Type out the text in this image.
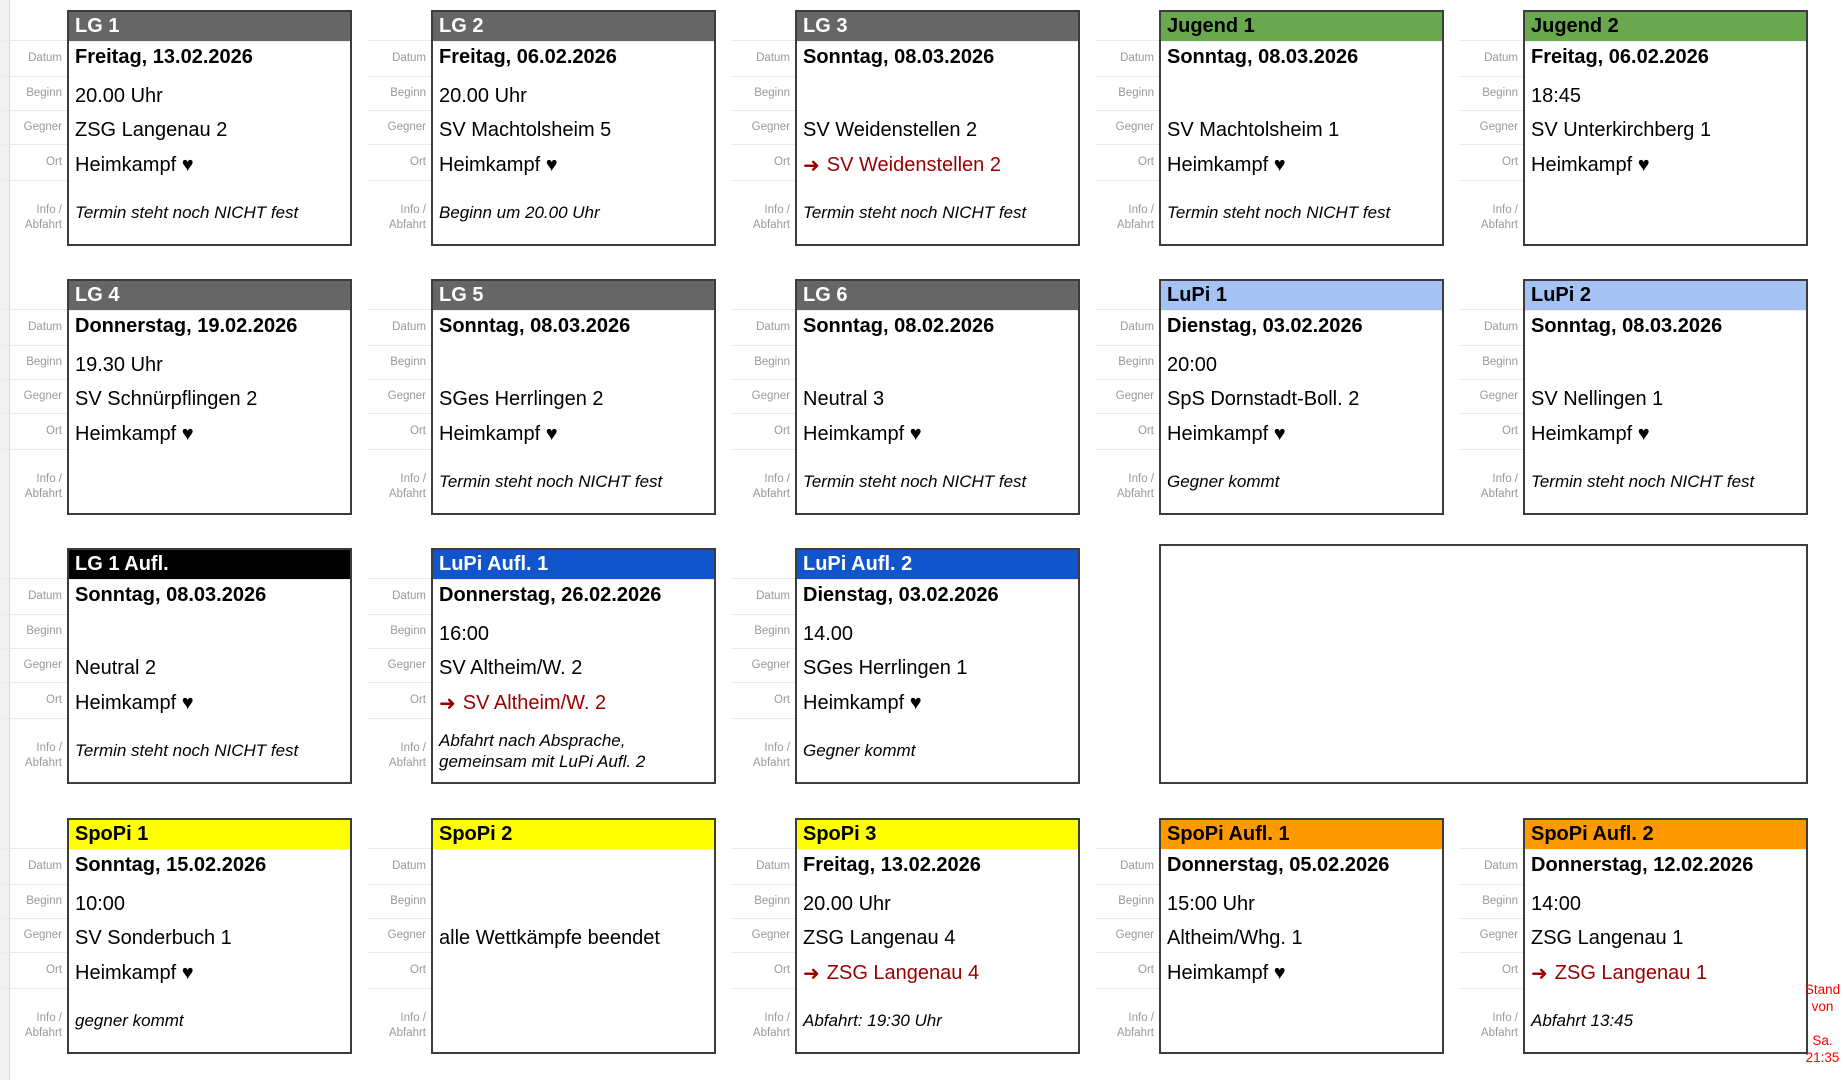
Datum
Beginn
Gegner
Ort
Info /
Abfahrt
LG 1
Freitag, 13.02.2026
20.00 Uhr
ZSG Langenau 2
Heimkampf ♥
Termin steht noch NICHT fest
Datum
Beginn
Gegner
Ort
Info /
Abfahrt
LG 2
Freitag, 06.02.2026
20.00 Uhr
SV Machtolsheim 5
Heimkampf ♥
Beginn um 20.00 Uhr
Datum
Beginn
Gegner
Ort
Info /
Abfahrt
LG 3
Sonntag, 08.03.2026
SV Weidenstellen 2
➜ SV Weidenstellen 2
Termin steht noch NICHT fest
Datum
Beginn
Gegner
Ort
Info /
Abfahrt
Jugend 1
Sonntag, 08.03.2026
SV Machtolsheim 1
Heimkampf ♥
Termin steht noch NICHT fest
Datum
Beginn
Gegner
Ort
Info /
Abfahrt
Jugend 2
Freitag, 06.02.2026
18:45
SV Unterkirchberg 1
Heimkampf ♥
Datum
Beginn
Gegner
Ort
Info /
Abfahrt
LG 4
Donnerstag, 19.02.2026
19.30 Uhr
SV Schnürpflingen 2
Heimkampf ♥
Datum
Beginn
Gegner
Ort
Info /
Abfahrt
LG 5
Sonntag, 08.03.2026
SGes Herrlingen 2
Heimkampf ♥
Termin steht noch NICHT fest
Datum
Beginn
Gegner
Ort
Info /
Abfahrt
LG 6
Sonntag, 08.02.2026
Neutral 3
Heimkampf ♥
Termin steht noch NICHT fest
Datum
Beginn
Gegner
Ort
Info /
Abfahrt
LuPi 1
Dienstag, 03.02.2026
20:00
SpS Dornstadt-Boll. 2
Heimkampf ♥
Gegner kommt
Datum
Beginn
Gegner
Ort
Info /
Abfahrt
LuPi 2
Sonntag, 08.03.2026
SV Nellingen 1
Heimkampf ♥
Termin steht noch NICHT fest
Datum
Beginn
Gegner
Ort
Info /
Abfahrt
LG 1 Aufl.
Sonntag, 08.03.2026
Neutral 2
Heimkampf ♥
Termin steht noch NICHT fest
Datum
Beginn
Gegner
Ort
Info /
Abfahrt
LuPi Aufl. 1
Donnerstag, 26.02.2026
16:00
SV Altheim/W. 2
➜ SV Altheim/W. 2
Abfahrt nach Absprache,
gemeinsam mit LuPi Aufl. 2
Datum
Beginn
Gegner
Ort
Info /
Abfahrt
LuPi Aufl. 2
Dienstag, 03.02.2026
14.00
SGes Herrlingen 1
Heimkampf ♥
Gegner kommt
Datum
Beginn
Gegner
Ort
Info /
Abfahrt
SpoPi 1
Sonntag, 15.02.2026
10:00
SV Sonderbuch 1
Heimkampf ♥
gegner kommt
Datum
Beginn
Gegner
Ort
Info /
Abfahrt
SpoPi 2
alle Wettkämpfe beendet
Datum
Beginn
Gegner
Ort
Info /
Abfahrt
SpoPi 3
Freitag, 13.02.2026
20.00 Uhr
ZSG Langenau 4
➜ ZSG Langenau 4
Abfahrt: 19:30 Uhr
Datum
Beginn
Gegner
Ort
Info /
Abfahrt
SpoPi Aufl. 1
Donnerstag, 05.02.2026
15:00 Uhr
Altheim/Whg. 1
Heimkampf ♥
Datum
Beginn
Gegner
Ort
Info /
Abfahrt
SpoPi Aufl. 2
Donnerstag, 12.02.2026
14:00
ZSG Langenau 1
➜ ZSG Langenau 1
Abfahrt 13:45
Stand von
Sa. 21:35
